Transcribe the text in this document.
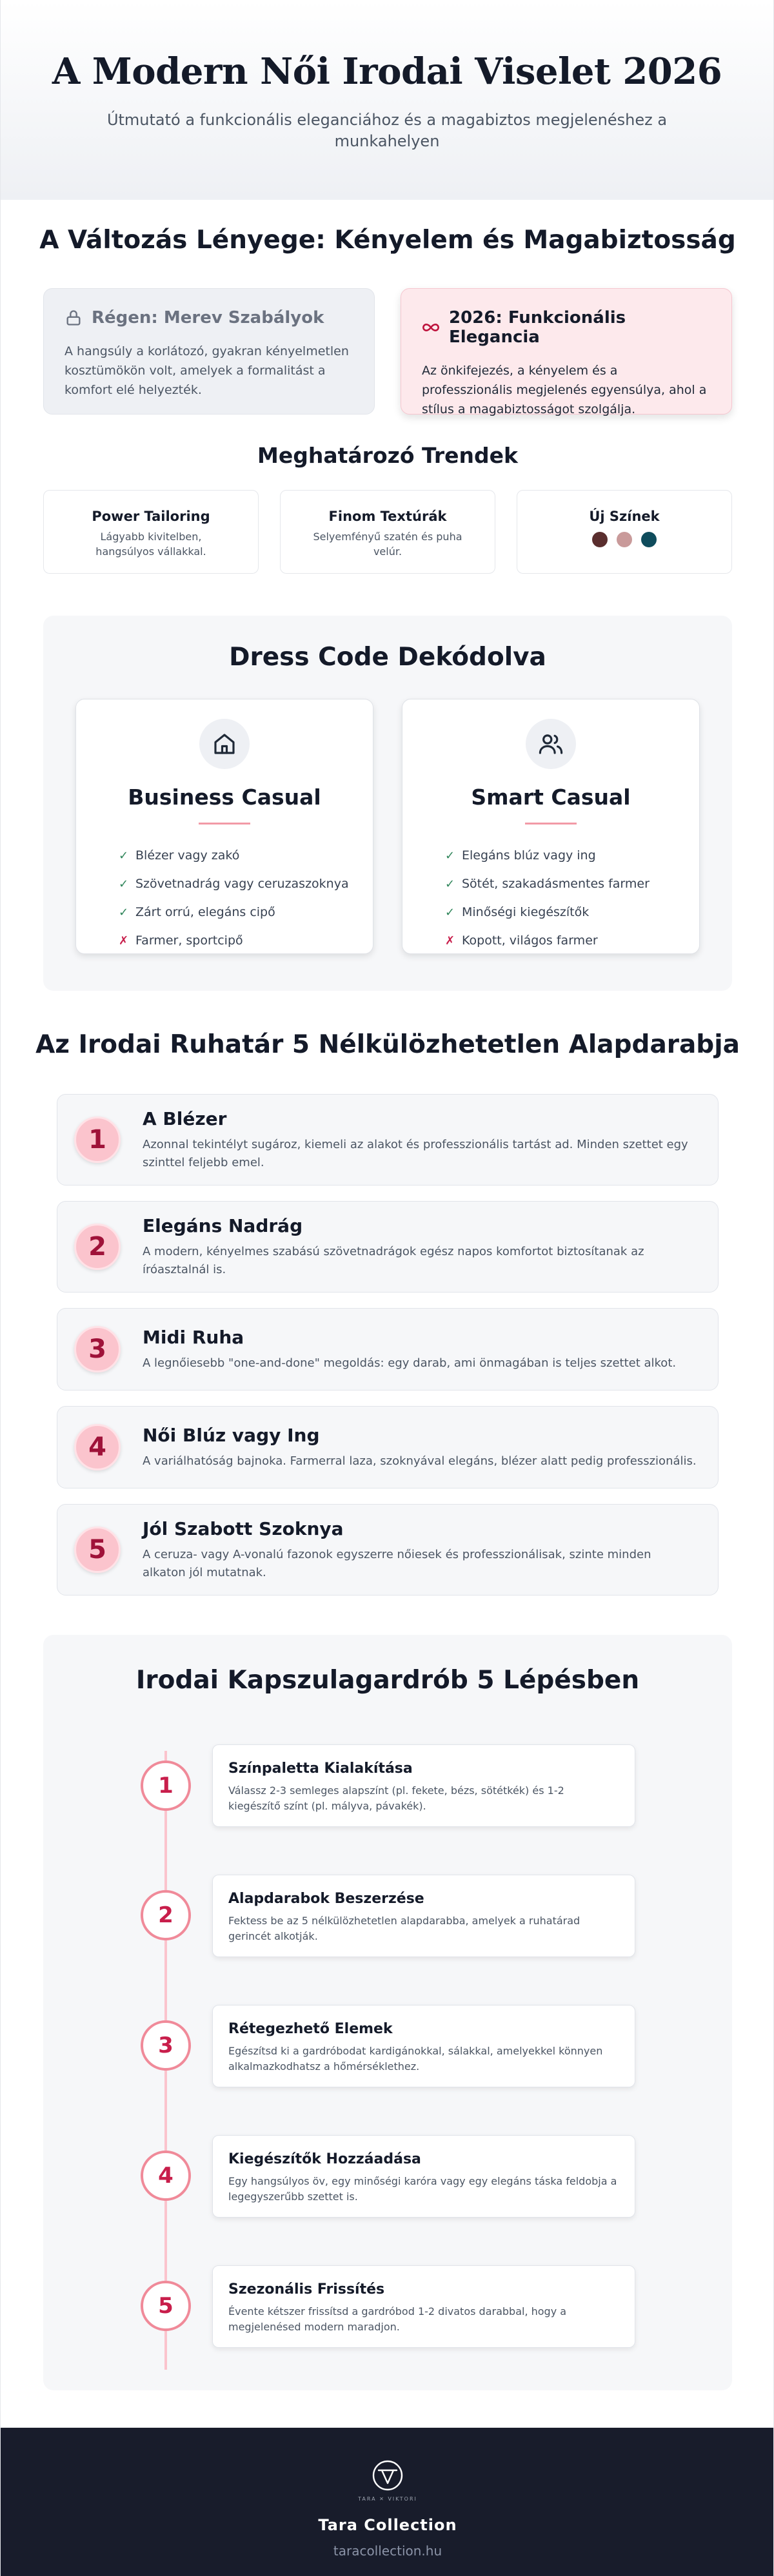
A Modern Női Irodai Viselet 2026

Útmutató a funkcionális eleganciához és a magabiztos megjelenéshez a munkahelyen

A Változás Lényege: Kényelem és Magabiztosság
Régen: Merev Szabályok

A hangsúly a korlátozó, gyakran kényelmetlen kosztümökön volt, amelyek a formalitást a komfort elé helyezték.

2026: Funkcionális Elegancia

Az önkifejezés, a kényelem és a professzionális megjelenés egyensúlya, ahol a stílus a magabiztosságot szolgálja.

Meghatározó Trendek
Power Tailoring

Lágyabb kivitelben, hangsúlyos vállakkal.

Finom Textúrák

Selyemfényű szatén és puha velúr.

Új Színek
Dress Code Dekódolva
Business Casual
✓ Blézer vagy zakó
✓ Szövetnadrág vagy ceruzaszoknya
✓ Zárt orrú, elegáns cipő
✗ Farmer, sportcipő
Smart Casual
✓ Elegáns blúz vagy ing
✓ Sötét, szakadásmentes farmer
✓ Minőségi kiegészítők
✗ Kopott, világos farmer
Az Irodai Ruhatár 5 Nélkülözhetetlen Alapdarabja
1
A Blézer

Azonnal tekintélyt sugároz, kiemeli az alakot és professzionális tartást ad. Minden szettet egy szinttel feljebb emel.

2
Elegáns Nadrág

A modern, kényelmes szabású szövetnadrágok egész napos komfortot biztosítanak az íróasztalnál is.

3	Midi Ruha

A legnőiesebb "one-and-done" megoldás: egy darab, ami önmagában is teljes szettet alkot.

4	Női Blúz vagy Ing

A variálhatóság bajnoka. Farmerral laza, szoknyával elegáns, blézer alatt pedig professzionális.

5
Jól Szabott Szoknya

A ceruza- vagy A-vonalú fazonok egyszerre nőiesek és professzionálisak, szinte minden alkaton jól mutatnak.

Irodai Kapszulagardrób 5 Lépésben
Színpaletta Kialakítása

Válassz 2-3 semleges alapszínt (pl. fekete, bézs, sötétkék) és 1-2 kiegészítő színt (pl. mályva, pávakék).

1
Alapdarabok Beszerzése

Fektess be az 5 nélkülözhetetlen alapdarabba, amelyek a ruhatárad gerincét alkotják.

2
Rétegezhető Elemek

Egészítsd ki a gardróbodat kardigánokkal, sálakkal, amelyekkel könnyen alkalmazkodhatsz a hőmérséklethez.

3
Kiegészítők Hozzáadása

Egy hangsúlyos öv, egy minőségi karóra vagy egy elegáns táska feldobja a legegyszerűbb szettet is.

4
Szezonális Frissítés

Évente kétszer frissítsd a gardróbod 1-2 divatos darabbal, hogy a megjelenésed modern maradjon.

5
TARA ✕ VIKTORI
Tara Collection
taracollection.hu
